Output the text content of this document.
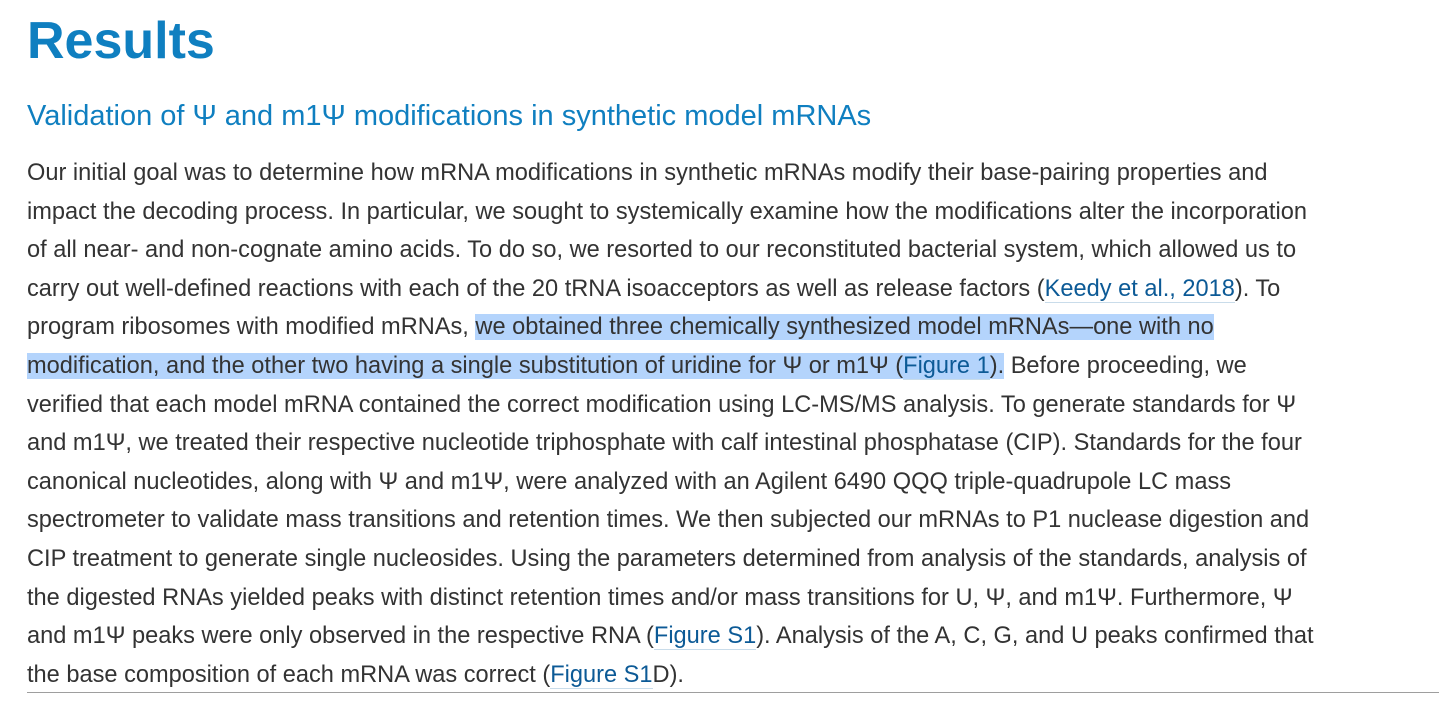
Results
Validation of Ψ and m1Ψ modifications in synthetic model mRNAs
Our initial goal was to determine how mRNA modifications in synthetic mRNAs modify their base-pairing properties and
impact the decoding process. In particular, we sought to systemically examine how the modifications alter the incorporation
of all near- and non-cognate amino acids. To do so, we resorted to our reconstituted bacterial system, which allowed us to
carry out well-defined reactions with each of the 20 tRNA isoacceptors as well as release factors (Keedy et al., 2018). To
program ribosomes with modified mRNAs, we obtained three chemically synthesized model mRNAs—one with no
modification, and the other two having a single substitution of uridine for Ψ or m1Ψ (Figure 1). Before proceeding, we
verified that each model mRNA contained the correct modification using LC-MS/MS analysis. To generate standards for Ψ
and m1Ψ, we treated their respective nucleotide triphosphate with calf intestinal phosphatase (CIP). Standards for the four
canonical nucleotides, along with Ψ and m1Ψ, were analyzed with an Agilent 6490 QQQ triple-quadrupole LC mass
spectrometer to validate mass transitions and retention times. We then subjected our mRNAs to P1 nuclease digestion and
CIP treatment to generate single nucleosides. Using the parameters determined from analysis of the standards, analysis of
the digested RNAs yielded peaks with distinct retention times and/or mass transitions for U, Ψ, and m1Ψ. Furthermore, Ψ
and m1Ψ peaks were only observed in the respective RNA (Figure S1). Analysis of the A, C, G, and U peaks confirmed that
the base composition of each mRNA was correct (Figure S1D).
